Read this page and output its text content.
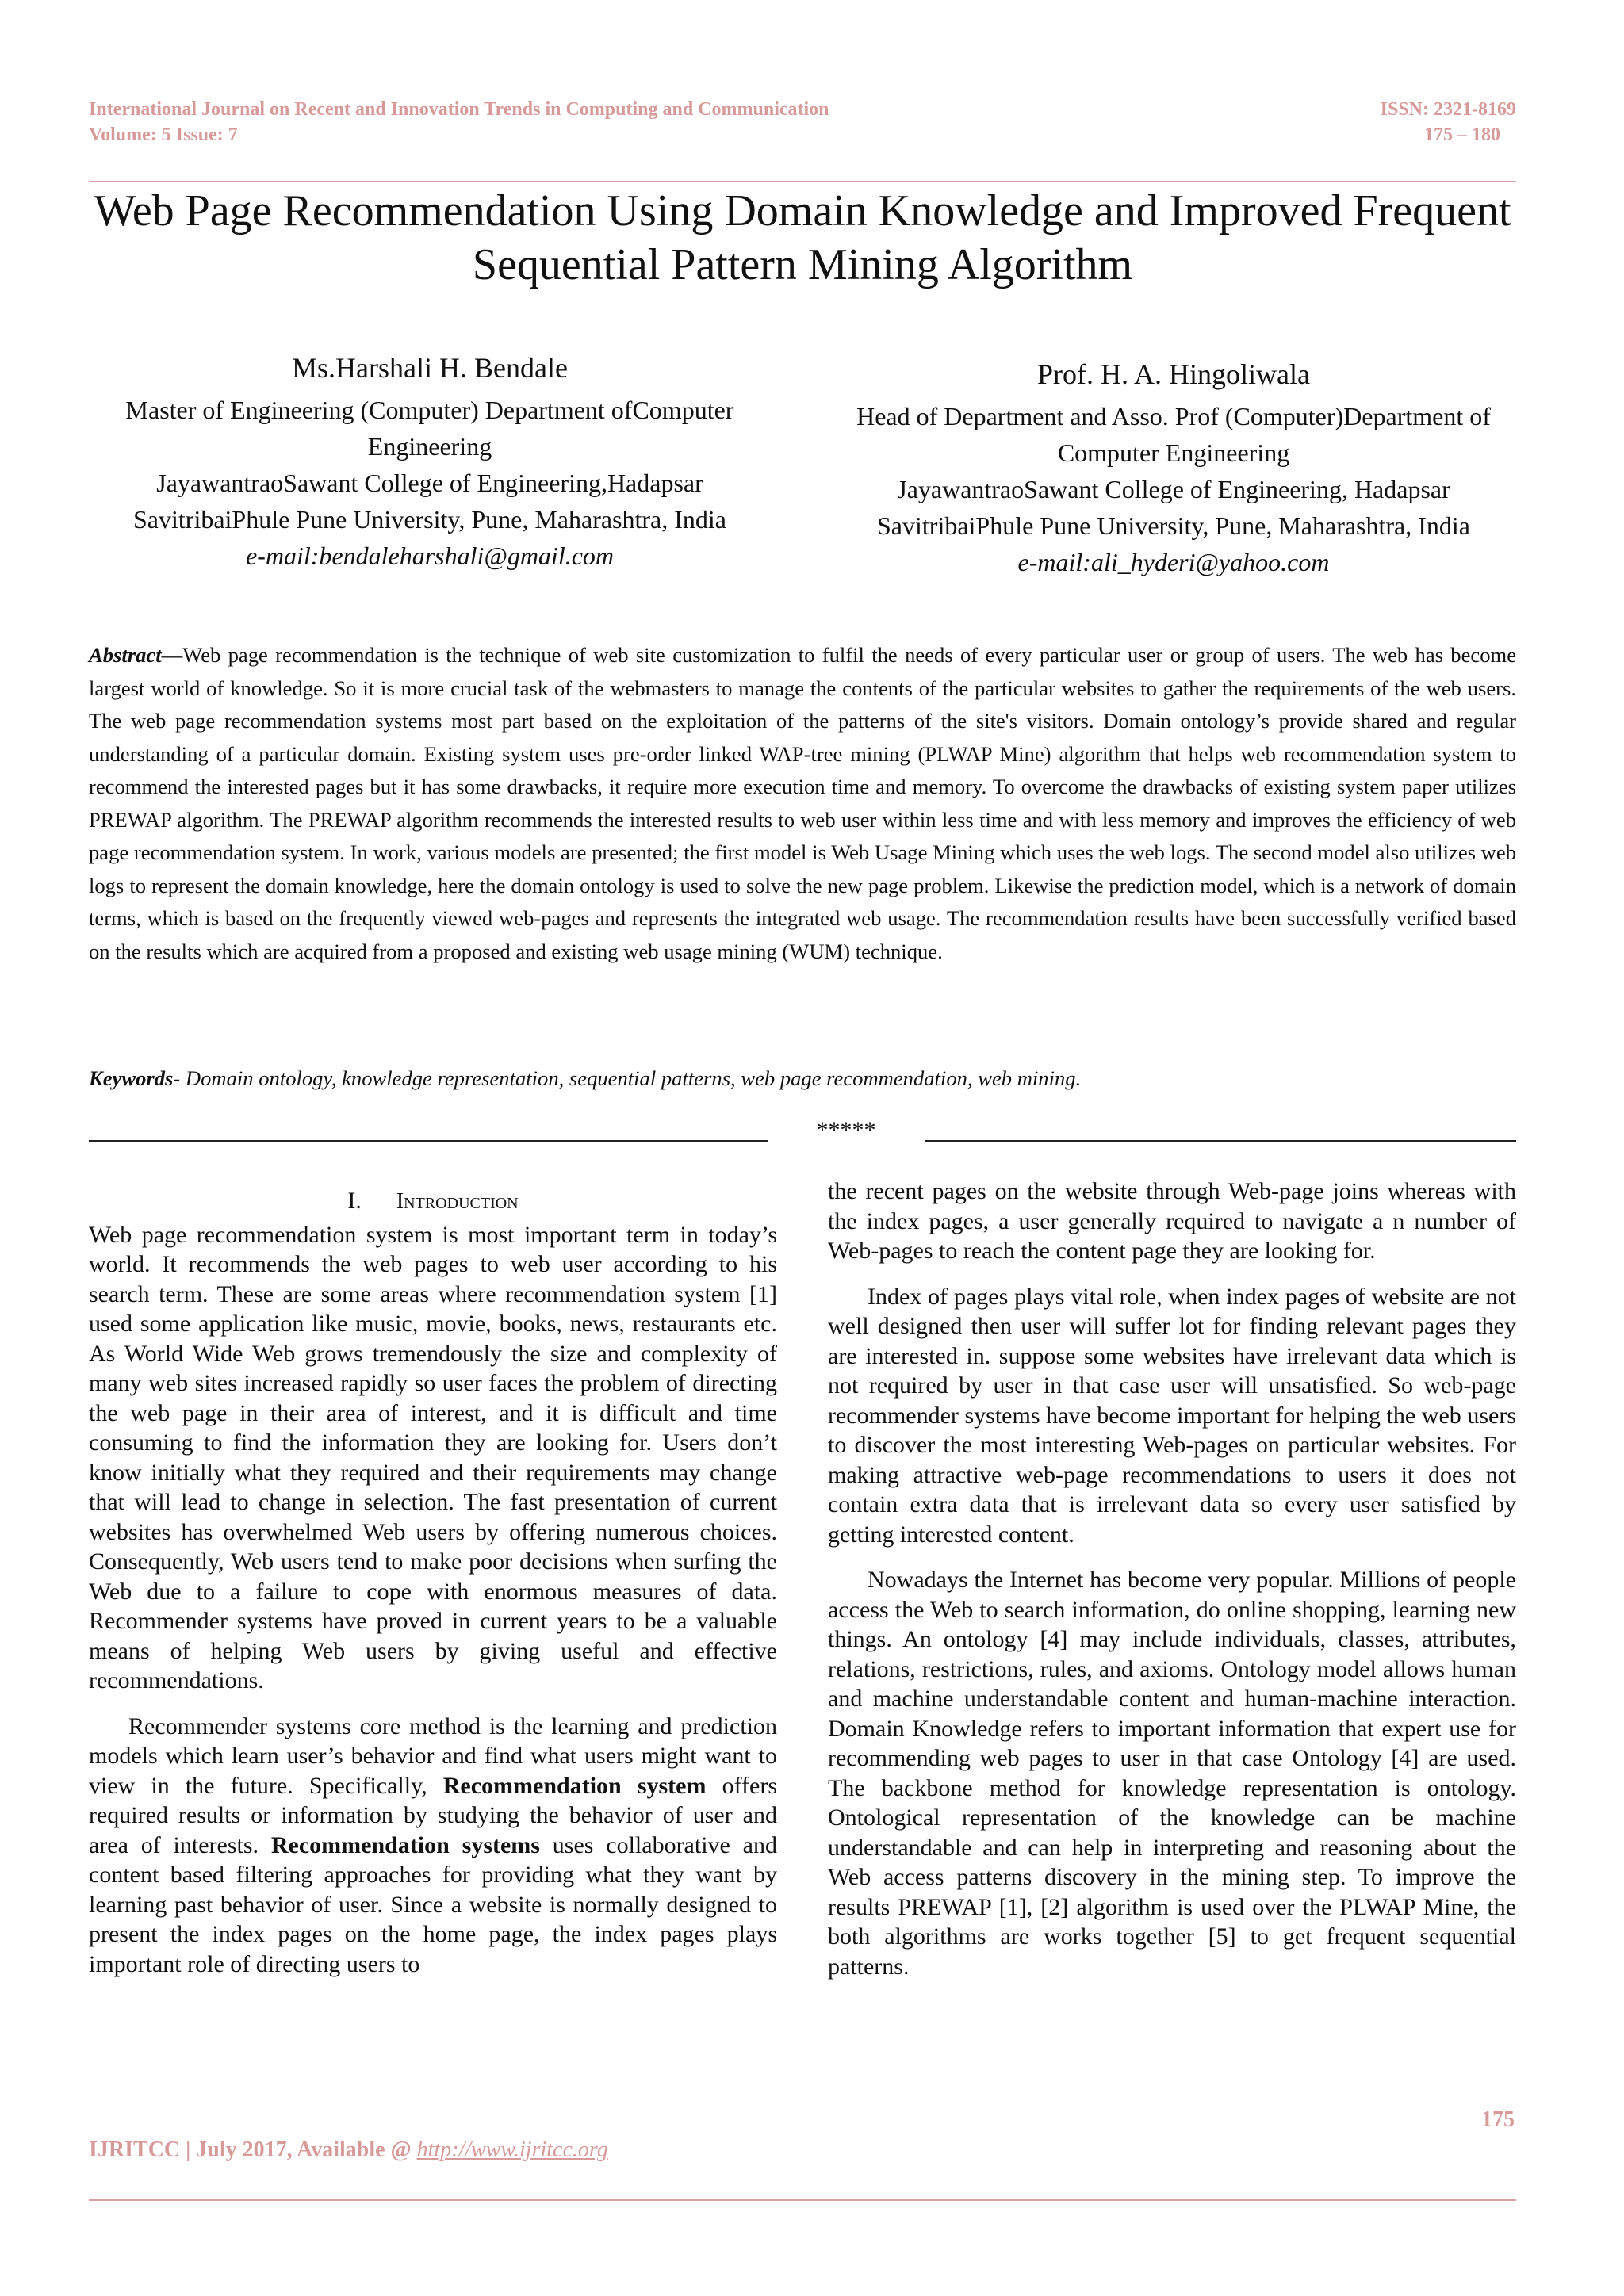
International Journal on Recent and Innovation Trends in Computing and Communication	ISSN: 2321-8169
Volume: 5 Issue: 7	175 – 180
Web Page Recommendation Using Domain Knowledge and Improved Frequent
Sequential Pattern Mining Algorithm
Ms.Harshali H. Bendale
Master of Engineering (Computer) Department ofComputer
Engineering
JayawantraoSawant College of Engineering,Hadapsar
SavitribaiPhule Pune University, Pune, Maharashtra, India
e-mail:bendaleharshali@gmail.com
Prof. H. A. Hingoliwala
Head of Department and Asso. Prof (Computer)Department of
Computer Engineering
JayawantraoSawant College of Engineering, Hadapsar
SavitribaiPhule Pune University, Pune, Maharashtra, India
e-mail:ali_hyderi@yahoo.com
Abstract—Web page recommendation is the technique of web site customization to fulfil the needs of every particular user or group of users. The web has become largest world of knowledge. So it is more crucial task of the webmasters to manage the contents of the particular websites to gather the requirements of the web users. The web page recommendation systems most part based on the exploitation of the patterns of the site's visitors. Domain ontology’s provide shared and regular understanding of a particular domain. Existing system uses pre-order linked WAP-tree mining (PLWAP Mine) algorithm that helps web recommendation system to recommend the interested pages but it has some drawbacks, it require more execution time and memory. To overcome the drawbacks of existing system paper utilizes PREWAP algorithm. The PREWAP algorithm recommends the interested results to web user within less time and with less memory and improves the efficiency of web page recommendation system. In work, various models are presented; the first model is Web Usage Mining which uses the web logs. The second model also utilizes web logs to represent the domain knowledge, here the domain ontology is used to solve the new page problem. Likewise the prediction model, which is a network of domain terms, which is based on the frequently viewed web-pages and represents the integrated web usage. The recommendation results have been successfully verified based on the results which are acquired from a proposed and existing web usage mining (WUM) technique.
Keywords- Domain ontology, knowledge representation, sequential patterns, web page recommendation, web mining.
*****

I. Introduction

Web page recommendation system is most important term in today’s world. It recommends the web pages to web user according to his search term. These are some areas where recommendation system [1] used some application like music, movie, books, news, restaurants etc. As World Wide Web grows tremendously the size and complexity of many web sites increased rapidly so user faces the problem of directing the web page in their area of interest, and it is difficult and time consuming to find the information they are looking for. Users don’t know initially what they required and their requirements may change that will lead to change in selection. The fast presentation of current websites has overwhelmed Web users by offering numerous choices. Consequently, Web users tend to make poor decisions when surfing the Web due to a failure to cope with enormous measures of data. Recommender systems have proved in current years to be a valuable means of helping Web users by giving useful and effective recommendations.

Recommender systems core method is the learning and prediction models which learn user’s behavior and find what users might want to view in the future. Specifically, Recommendation system offers required results or information by studying the behavior of user and area of interests. Recommendation systems uses collaborative and content based filtering approaches for providing what they want by learning past behavior of user. Since a website is normally designed to present the index pages on the home page, the index pages plays important role of directing users to

the recent pages on the website through Web-page joins whereas with the index pages, a user generally required to navigate a n number of Web-pages to reach the content page they are looking for.

Index of pages plays vital role, when index pages of website are not well designed then user will suffer lot for finding relevant pages they are interested in. suppose some websites have irrelevant data which is not required by user in that case user will unsatisfied. So web-page recommender systems have become important for helping the web users to discover the most interesting Web-pages on particular websites. For making attractive web-page recommendations to users it does not contain extra data that is irrelevant data so every user satisfied by getting interested content.

Nowadays the Internet has become very popular. Millions of people access the Web to search information, do online shopping, learning new things. An ontology [4] may include individuals, classes, attributes, relations, restrictions, rules, and axioms. Ontology model allows human and machine understandable content and human-machine interaction. Domain Knowledge refers to important information that expert use for recommending web pages to user in that case Ontology [4] are used. The backbone method for knowledge representation is ontology. Ontological representation of the knowledge can be machine understandable and can help in interpreting and reasoning about the Web access patterns discovery in the mining step. To improve the results PREWAP [1], [2] algorithm is used over the PLWAP Mine, the both algorithms are works together [5] to get frequent sequential patterns.

175
IJRITCC | July 2017, Available @ http://www.ijritcc.org
